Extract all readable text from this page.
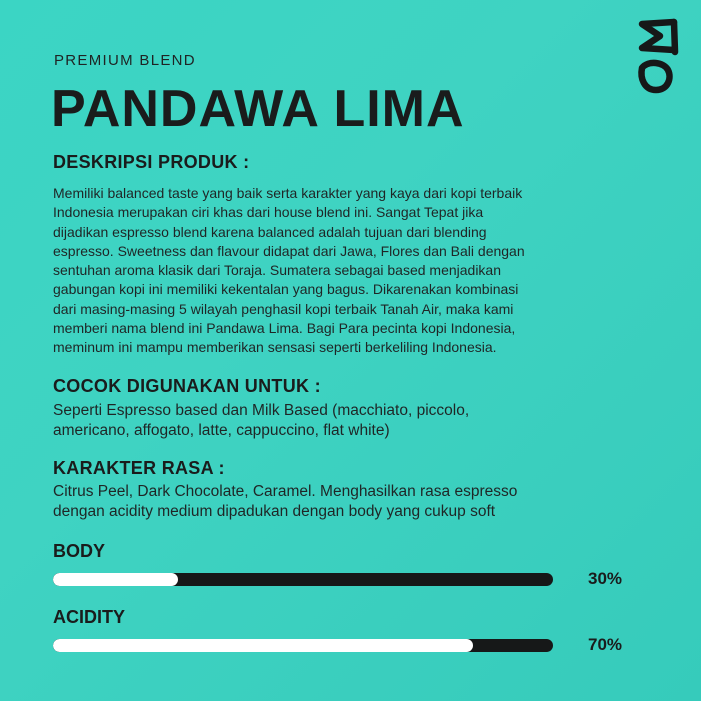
PREMIUM BLEND
PANDAWA LIMA
DESKRIPSI PRODUK :
Memiliki balanced taste yang baik serta karakter yang kaya dari kopi terbaik
Indonesia merupakan ciri khas dari house blend ini. Sangat Tepat jika
dijadikan espresso blend karena balanced adalah tujuan dari blending
espresso. Sweetness dan flavour didapat dari Jawa, Flores dan Bali dengan
sentuhan aroma klasik dari Toraja. Sumatera sebagai based menjadikan
gabungan kopi ini memiliki kekentalan yang bagus. Dikarenakan kombinasi
dari masing-masing 5 wilayah penghasil kopi terbaik Tanah Air, maka kami
memberi nama blend ini Pandawa Lima. Bagi Para pecinta kopi Indonesia,
meminum ini mampu memberikan sensasi seperti berkeliling Indonesia.
COCOK DIGUNAKAN UNTUK :
Seperti Espresso based dan Milk Based (macchiato, piccolo,
americano, affogato, latte, cappuccino, flat white)
KARAKTER RASA :
Citrus Peel, Dark Chocolate, Caramel. Menghasilkan rasa espresso
dengan acidity medium dipadukan dengan body yang cukup soft
BODY
30%
ACIDITY
70%
